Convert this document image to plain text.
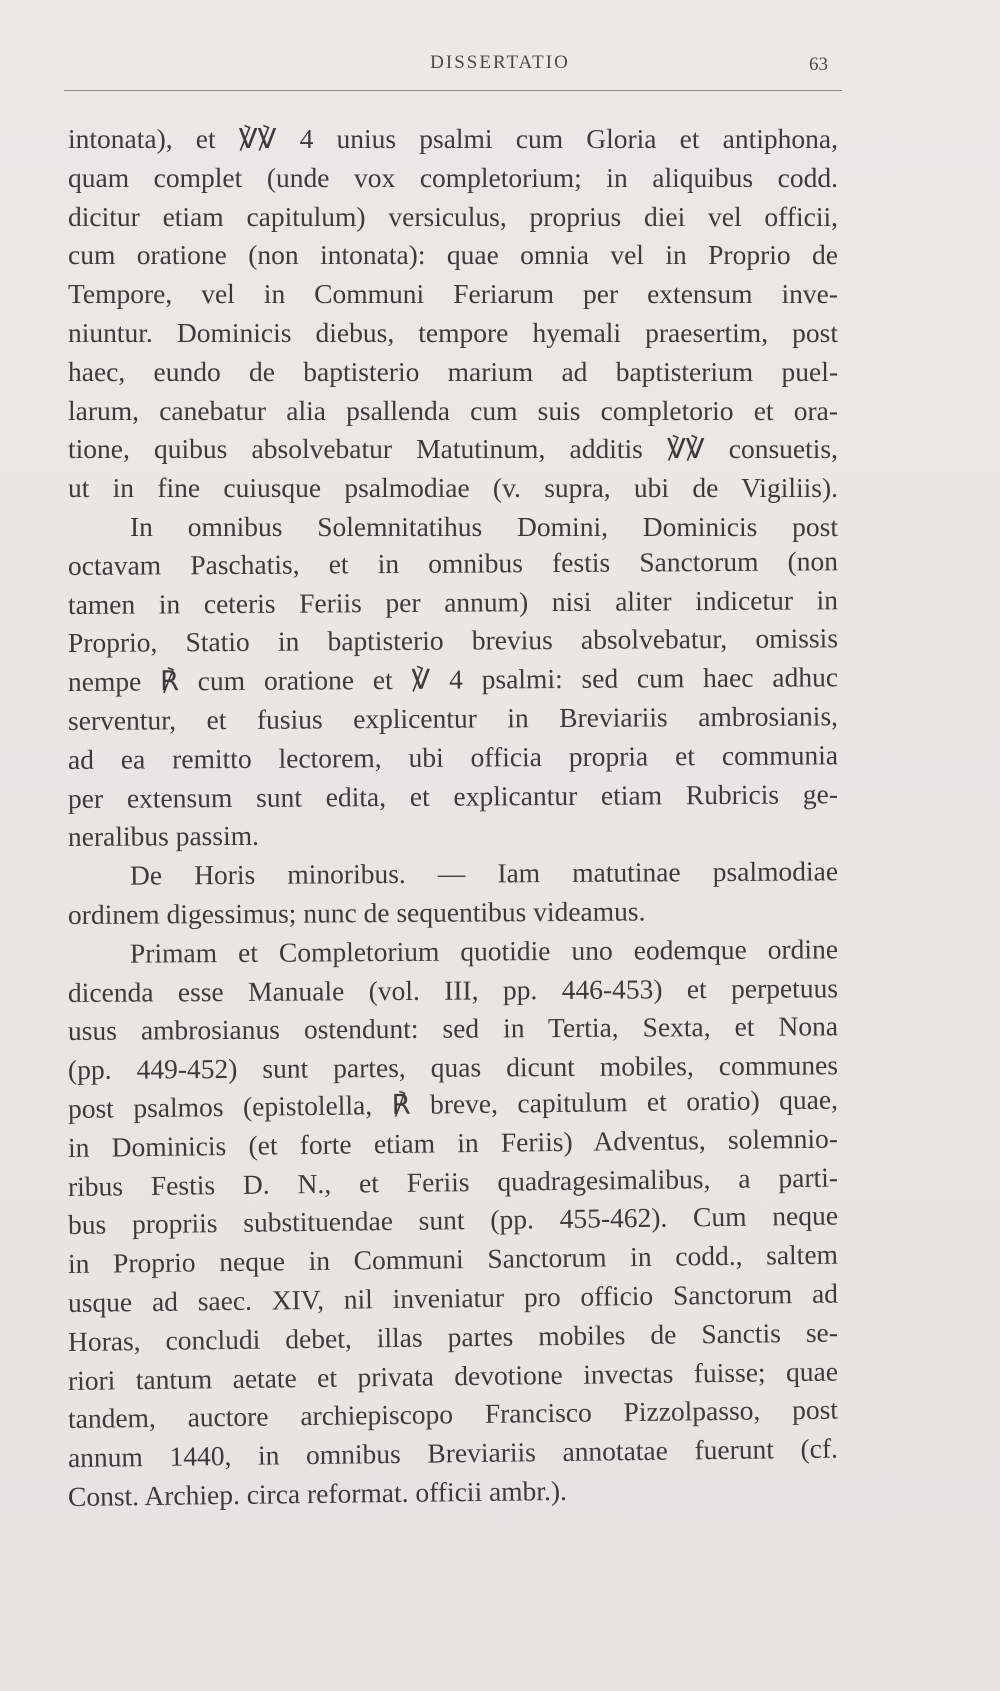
DISSERTATIO	63
intonata), et ℣℣ 4 unius psalmi cum Gloria et antiphona,
quam complet (unde vox completorium; in aliquibus codd.
dicitur etiam capitulum) versiculus, proprius diei vel officii,
cum oratione (non intonata): quae omnia vel in Proprio de
Tempore, vel in Communi Feriarum per extensum inve-
niuntur. Dominicis diebus, tempore hyemali praesertim, post
haec, eundo de baptisterio marium ad baptisterium puel-
larum, canebatur alia psallenda cum suis completorio et ora-
tione, quibus absolvebatur Matutinum, additis ℣℣ consuetis,
ut in fine cuiusque psalmodiae (v. supra, ubi de Vigiliis).
In omnibus Solemnitatihus Domini, Dominicis post
octavam Paschatis, et in omnibus festis Sanctorum (non
tamen in ceteris Feriis per annum) nisi aliter indicetur in
Proprio, Statio in baptisterio brevius absolvebatur, omissis
nempe ℟ cum oratione et ℣ 4 psalmi: sed cum haec adhuc
serventur, et fusius explicentur in Breviariis ambrosianis,
ad ea remitto lectorem, ubi officia propria et communia
per extensum sunt edita, et explicantur etiam Rubricis ge-
neralibus passim.
De Horis minoribus. — Iam matutinae psalmodiae
ordinem digessimus; nunc de sequentibus videamus.
Primam et Completorium quotidie uno eodemque ordine
dicenda esse Manuale (vol. III, pp. 446-453) et perpetuus
usus ambrosianus ostendunt: sed in Tertia, Sexta, et Nona
(pp. 449-452) sunt partes, quas dicunt mobiles, communes
post psalmos (epistolella, ℟ breve, capitulum et oratio) quae,
in Dominicis (et forte etiam in Feriis) Adventus, solemnio-
ribus Festis D. N., et Feriis quadragesimalibus, a parti-
bus propriis substituendae sunt (pp. 455-462). Cum neque
in Proprio neque in Communi Sanctorum in codd., saltem
usque ad saec. XIV, nil inveniatur pro officio Sanctorum ad
Horas, concludi debet, illas partes mobiles de Sanctis se-
riori tantum aetate et privata devotione invectas fuisse; quae
tandem, auctore archiepiscopo Francisco Pizzolpasso, post
annum 1440, in omnibus Breviariis annotatae fuerunt (cf.
Const. Archiep. circa reformat. officii ambr.).
